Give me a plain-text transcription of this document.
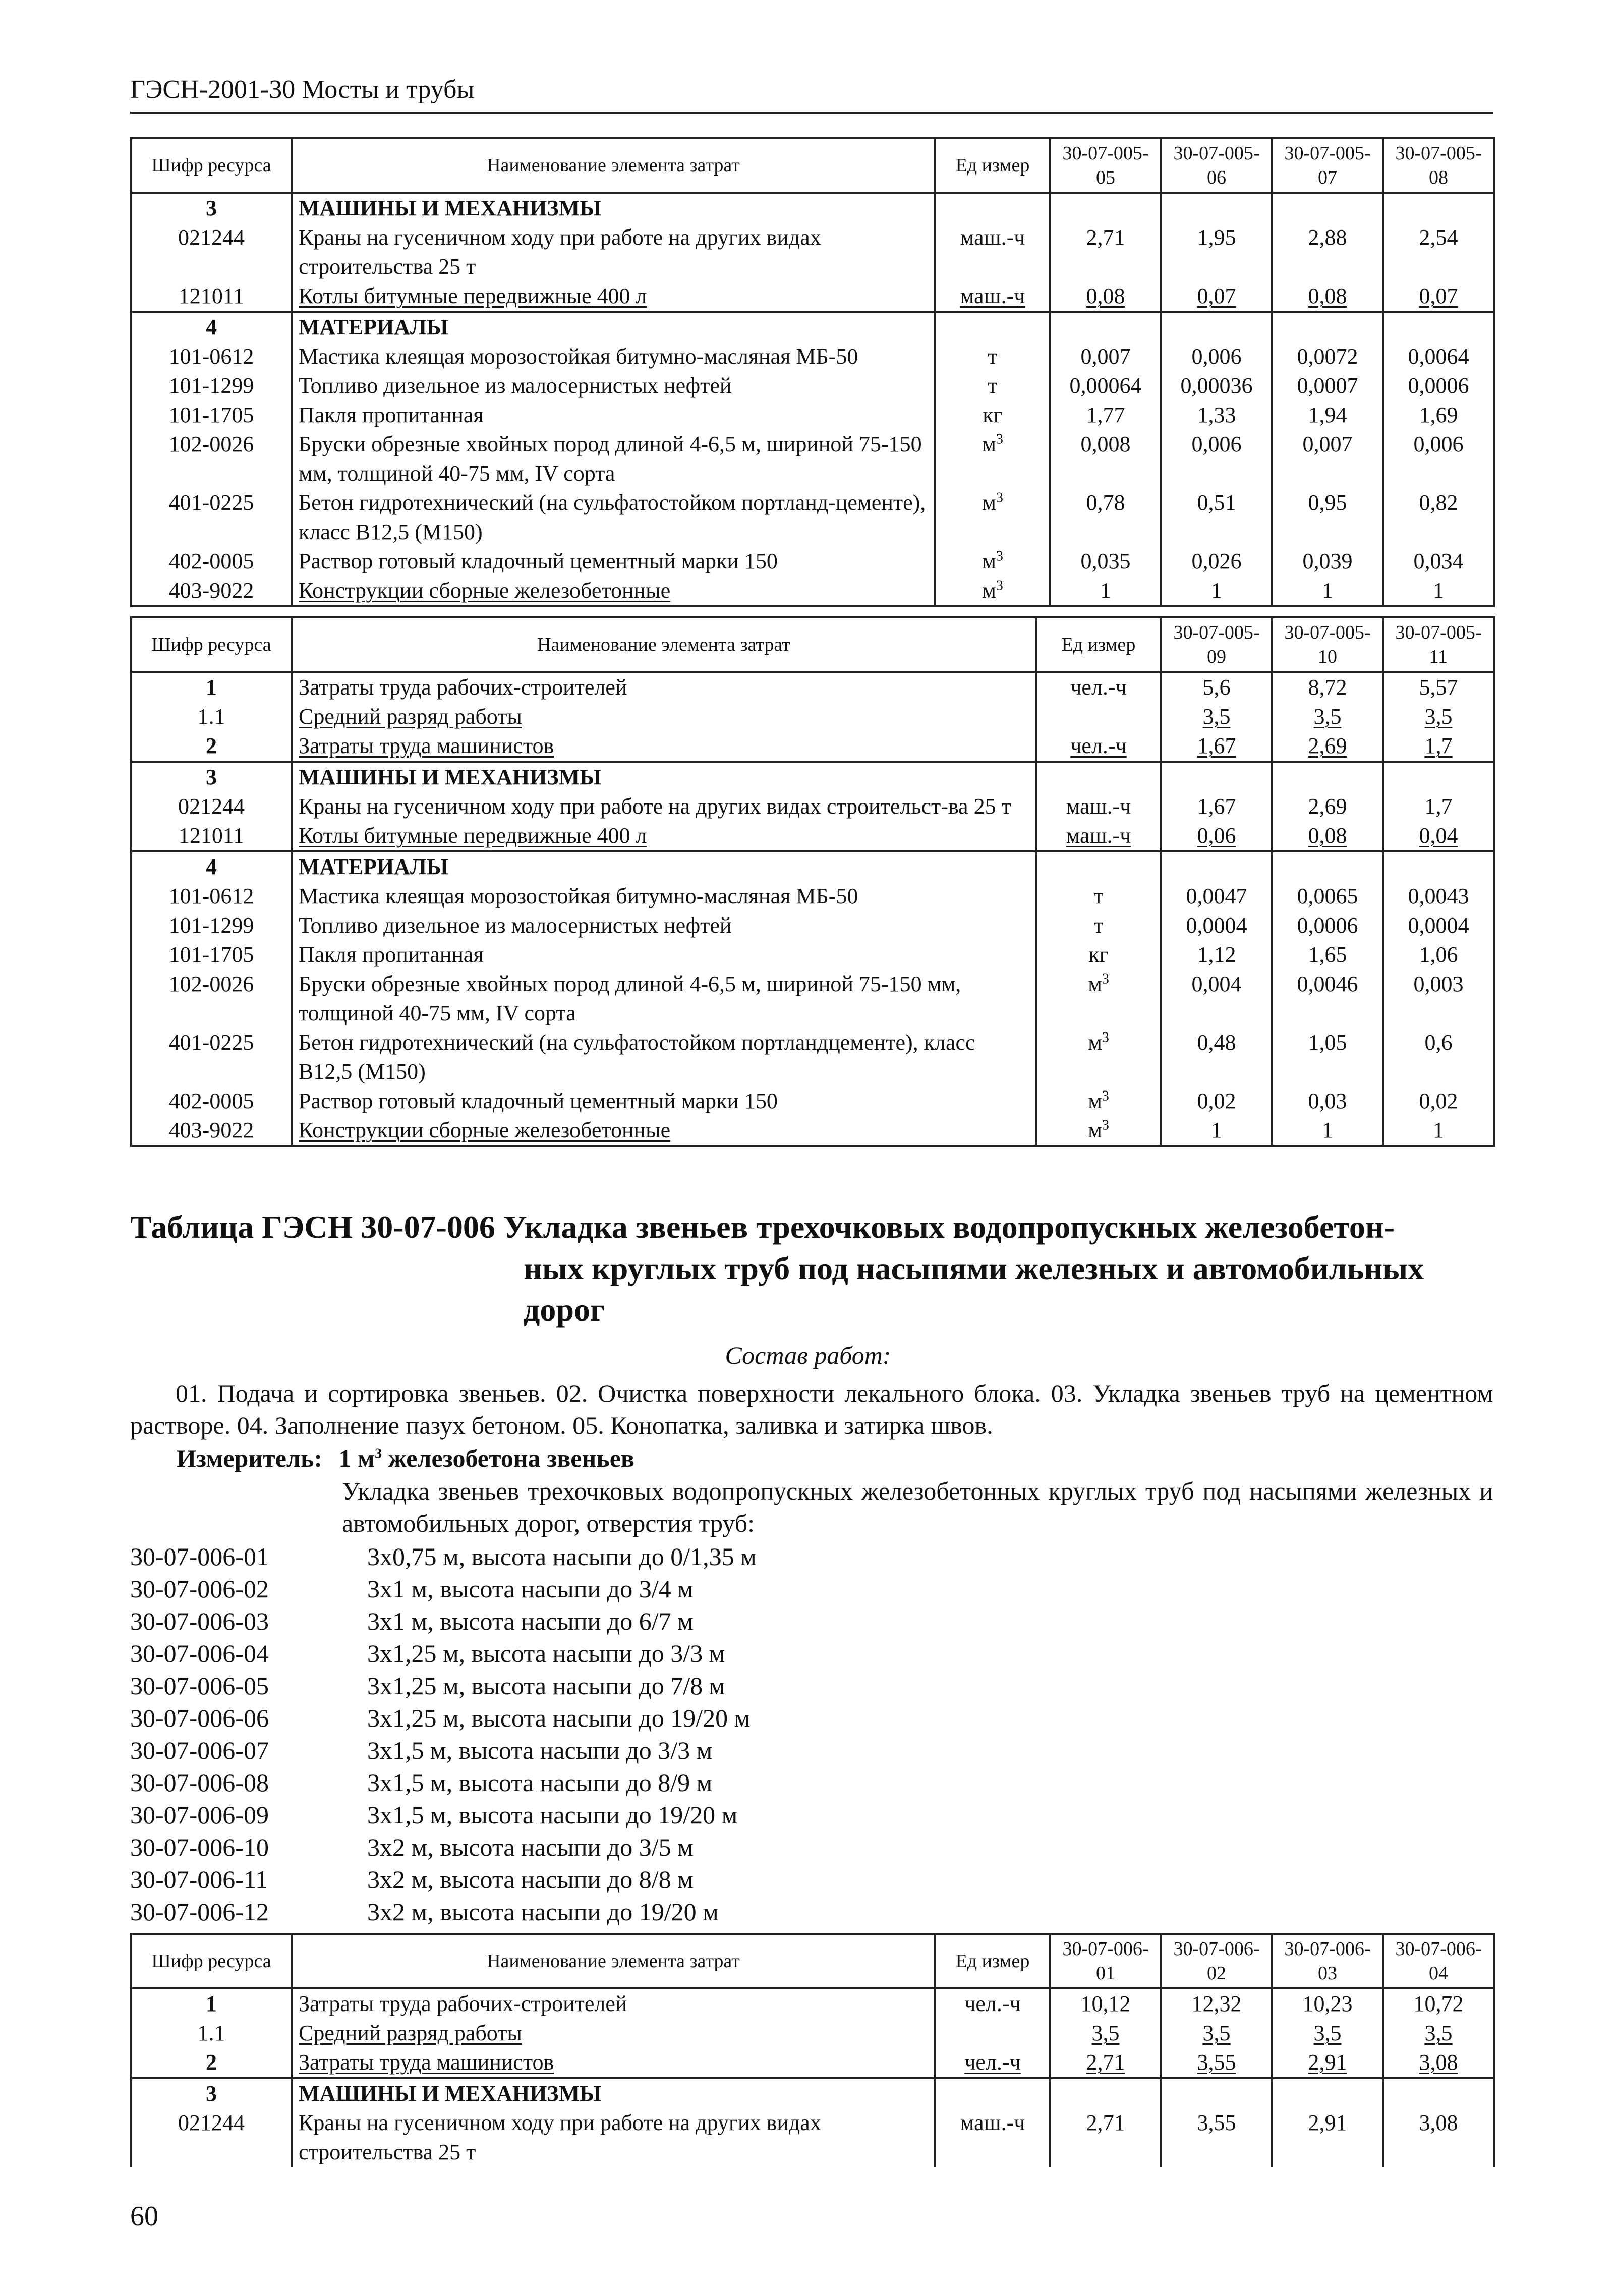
ГЭСН-2001-30 Мосты и трубы
Шифр ресурса	Наименование элемента затрат	Ед измер	30-07-005-05	30-07-005-06	30-07-005-07	30-07-005-08
3	МАШИНЫ И МЕХАНИЗМЫ					
021244	Краны на гусеничном ходу при работе на других видах строительства 25 т	маш.-ч	2,71	1,95	2,88	2,54
121011	Котлы битумные передвижные 400 л	маш.-ч	0,08	0,07	0,08	0,07
4	МАТЕРИАЛЫ					
101-0612	Мастика клеящая морозостойкая битумно-масляная МБ-50	т	0,007	0,006	0,0072	0,0064
101-1299	Топливо дизельное из малосернистых нефтей	т	0,00064	0,00036	0,0007	0,0006
101-1705	Пакля пропитанная	кг	1,77	1,33	1,94	1,69
102-0026	Бруски обрезные хвойных пород длиной 4-6,5 м, шириной 75-150 мм, толщиной 40-75 мм, IV сорта	$м^3$	0,008	0,006	0,007	0,006
401-0225	Бетон гидротехнический (на сульфатостойком портланд-цементе), класс В12,5 (М150)	$м^3$	0,78	0,51	0,95	0,82
402-0005	Раствор готовый кладочный цементный марки 150	$м^3$	0,035	0,026	0,039	0,034
403-9022	Конструкции сборные железобетонные	$м^3$	1	1	1	1
Шифр ресурса	Наименование элемента затрат	Ед измер	30-07-005-09	30-07-005-10	30-07-005-11
1	Затраты труда рабочих-строителей	чел.-ч	5,6	8,72	5,57
1.1	Средний разряд работы		3,5	3,5	3,5
2	Затраты труда машинистов	чел.-ч	1,67	2,69	1,7
3	МАШИНЫ И МЕХАНИЗМЫ				
021244	Краны на гусеничном ходу при работе на других видах строительст-ва 25 т	маш.-ч	1,67	2,69	1,7
121011	Котлы битумные передвижные 400 л	маш.-ч	0,06	0,08	0,04
4	МАТЕРИАЛЫ				
101-0612	Мастика клеящая морозостойкая битумно-масляная МБ-50	т	0,0047	0,0065	0,0043
101-1299	Топливо дизельное из малосернистых нефтей	т	0,0004	0,0006	0,0004
101-1705	Пакля пропитанная	кг	1,12	1,65	1,06
102-0026	Бруски обрезные хвойных пород длиной 4-6,5 м, шириной 75-150 мм, толщиной 40-75 мм, IV сорта	$м^3$	0,004	0,0046	0,003
401-0225	Бетон гидротехнический (на сульфатостойком портландцементе), класс В12,5 (М150)	$м^3$	0,48	1,05	0,6
402-0005	Раствор готовый кладочный цементный марки 150	$м^3$	0,02	0,03	0,02
403-9022	Конструкции сборные железобетонные	$м^3$	1	1	1
Таблица ГЭСН 30-07-006 Укладка звеньев трехочковых водопропускных железобетон-
ных круглых труб под насыпями железных и автомобильных
дорог
Состав работ:
01. Подача и сортировка звеньев. 02. Очистка поверхности лекального блока. 03. Укладка звеньев труб на цементном растворе. 04. Заполнение пазух бетоном. 05. Конопатка, заливка и затирка швов.
Измеритель: 1 $м^3$ железобетона звеньев
Укладка звеньев трехочковых водопропускных железобетонных круглых труб под насыпями железных и автомобильных дорог, отверстия труб:
30-07-006-01	3х0,75 м, высота насыпи до 0/1,35 м
30-07-006-02	3х1 м, высота насыпи до 3/4 м
30-07-006-03	3х1 м, высота насыпи до 6/7 м
30-07-006-04	3х1,25 м, высота насыпи до 3/3 м
30-07-006-05	3х1,25 м, высота насыпи до 7/8 м
30-07-006-06	3х1,25 м, высота насыпи до 19/20 м
30-07-006-07	3х1,5 м, высота насыпи до 3/3 м
30-07-006-08	3х1,5 м, высота насыпи до 8/9 м
30-07-006-09	3х1,5 м, высота насыпи до 19/20 м
30-07-006-10	3х2 м, высота насыпи до 3/5 м
30-07-006-11	3х2 м, высота насыпи до 8/8 м
30-07-006-12	3х2 м, высота насыпи до 19/20 м
Шифр ресурса	Наименование элемента затрат	Ед измер	30-07-006-01	30-07-006-02	30-07-006-03	30-07-006-04
1	Затраты труда рабочих-строителей	чел.-ч	10,12	12,32	10,23	10,72
1.1	Средний разряд работы		3,5	3,5	3,5	3,5
2	Затраты труда машинистов	чел.-ч	2,71	3,55	2,91	3,08
3	МАШИНЫ И МЕХАНИЗМЫ					
021244	Краны на гусеничном ходу при работе на других видах строительства 25 т	маш.-ч	2,71	3,55	2,91	3,08
60
